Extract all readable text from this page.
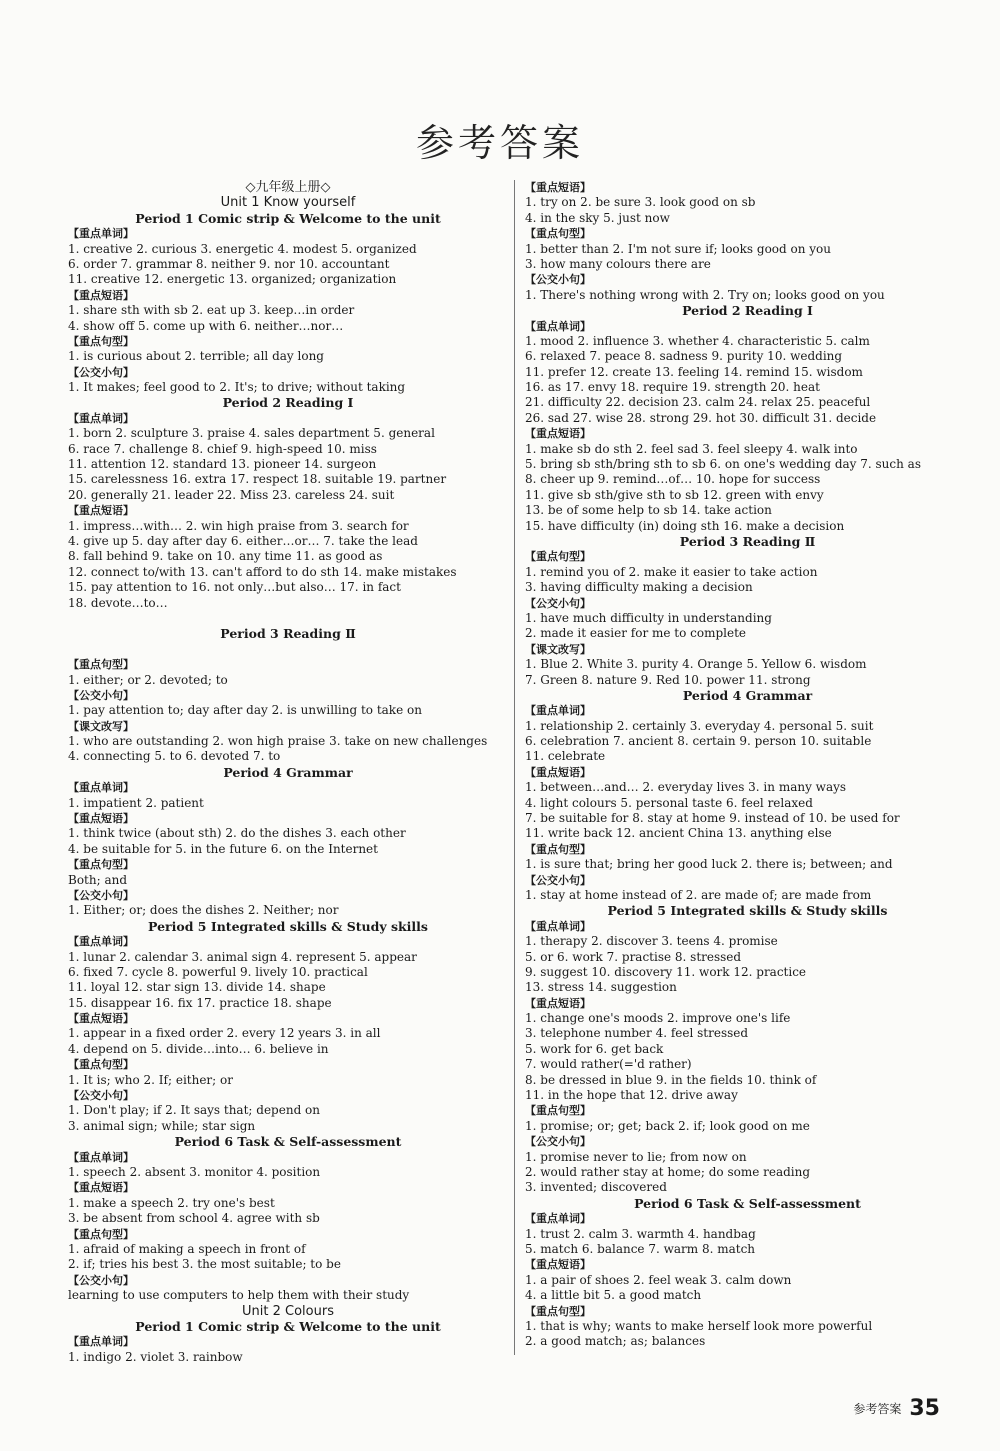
参考答案
◇九年级上册◇
Unit 1 Know yourself
Period 1 Comic strip & Welcome to the unit
【重点单词】
1. creative 2. curious 3. energetic 4. modest 5. organized
6. order 7. grammar 8. neither 9. nor 10. accountant
11. creative 12. energetic 13. organized; organization
【重点短语】
1. share sth with sb 2. eat up 3. keep…in order
4. show off 5. come up with 6. neither…nor…
【重点句型】
1. is curious about 2. terrible; all day long
【公交小句】
1. It makes; feel good to 2. It's; to drive; without taking
Period 2 Reading Ⅰ
【重点单词】
1. born 2. sculpture 3. praise 4. sales department 5. general
6. race 7. challenge 8. chief 9. high-speed 10. miss
11. attention 12. standard 13. pioneer 14. surgeon
15. carelessness 16. extra 17. respect 18. suitable 19. partner
20. generally 21. leader 22. Miss 23. careless 24. suit
【重点短语】
1. impress…with… 2. win high praise from 3. search for
4. give up 5. day after day 6. either…or… 7. take the lead
8. fall behind 9. take on 10. any time 11. as good as
12. connect to/with 13. can't afford to do sth 14. make mistakes
15. pay attention to 16. not only…but also… 17. in fact
18. devote…to…
Period 3 Reading Ⅱ
【重点句型】
1. either; or 2. devoted; to
【公交小句】
1. pay attention to; day after day 2. is unwilling to take on
【课文改写】
1. who are outstanding 2. won high praise 3. take on new challenges
4. connecting 5. to 6. devoted 7. to
Period 4 Grammar
【重点单词】
1. impatient 2. patient
【重点短语】
1. think twice (about sth) 2. do the dishes 3. each other
4. be suitable for 5. in the future 6. on the Internet
【重点句型】
Both; and
【公交小句】
1. Either; or; does the dishes 2. Neither; nor
Period 5 Integrated skills & Study skills
【重点单词】
1. lunar 2. calendar 3. animal sign 4. represent 5. appear
6. fixed 7. cycle 8. powerful 9. lively 10. practical
11. loyal 12. star sign 13. divide 14. shape
15. disappear 16. fix 17. practice 18. shape
【重点短语】
1. appear in a fixed order 2. every 12 years 3. in all
4. depend on 5. divide…into… 6. believe in
【重点句型】
1. It is; who 2. If; either; or
【公交小句】
1. Don't play; if 2. It says that; depend on
3. animal sign; while; star sign
Period 6 Task & Self-assessment
【重点单词】
1. speech 2. absent 3. monitor 4. position
【重点短语】
1. make a speech 2. try one's best
3. be absent from school 4. agree with sb
【重点句型】
1. afraid of making a speech in front of
2. if; tries his best 3. the most suitable; to be
【公交小句】
learning to use computers to help them with their study
Unit 2 Colours
Period 1 Comic strip & Welcome to the unit
【重点单词】
1. indigo 2. violet 3. rainbow
【重点短语】
1. try on 2. be sure 3. look good on sb
4. in the sky 5. just now
【重点句型】
1. better than 2. I'm not sure if; looks good on you
3. how many colours there are
【公交小句】
1. There's nothing wrong with 2. Try on; looks good on you
Period 2 Reading Ⅰ
【重点单词】
1. mood 2. influence 3. whether 4. characteristic 5. calm
6. relaxed 7. peace 8. sadness 9. purity 10. wedding
11. prefer 12. create 13. feeling 14. remind 15. wisdom
16. as 17. envy 18. require 19. strength 20. heat
21. difficulty 22. decision 23. calm 24. relax 25. peaceful
26. sad 27. wise 28. strong 29. hot 30. difficult 31. decide
【重点短语】
1. make sb do sth 2. feel sad 3. feel sleepy 4. walk into
5. bring sb sth/bring sth to sb 6. on one's wedding day 7. such as
8. cheer up 9. remind…of… 10. hope for success
11. give sb sth/give sth to sb 12. green with envy
13. be of some help to sb 14. take action
15. have difficulty (in) doing sth 16. make a decision
Period 3 Reading Ⅱ
【重点句型】
1. remind you of 2. make it easier to take action
3. having difficulty making a decision
【公交小句】
1. have much difficulty in understanding
2. made it easier for me to complete
【课文改写】
1. Blue 2. White 3. purity 4. Orange 5. Yellow 6. wisdom
7. Green 8. nature 9. Red 10. power 11. strong
Period 4 Grammar
【重点单词】
1. relationship 2. certainly 3. everyday 4. personal 5. suit
6. celebration 7. ancient 8. certain 9. person 10. suitable
11. celebrate
【重点短语】
1. between…and… 2. everyday lives 3. in many ways
4. light colours 5. personal taste 6. feel relaxed
7. be suitable for 8. stay at home 9. instead of 10. be used for
11. write back 12. ancient China 13. anything else
【重点句型】
1. is sure that; bring her good luck 2. there is; between; and
【公交小句】
1. stay at home instead of 2. are made of; are made from
Period 5 Integrated skills & Study skills
【重点单词】
1. therapy 2. discover 3. teens 4. promise
5. or 6. work 7. practise 8. stressed
9. suggest 10. discovery 11. work 12. practice
13. stress 14. suggestion
【重点短语】
1. change one's moods 2. improve one's life
3. telephone number 4. feel stressed
5. work for 6. get back
7. would rather(='d rather)
8. be dressed in blue 9. in the fields 10. think of
11. in the hope that 12. drive away
【重点句型】
1. promise; or; get; back 2. if; look good on me
【公交小句】
1. promise never to lie; from now on
2. would rather stay at home; do some reading
3. invented; discovered
Period 6 Task & Self-assessment
【重点单词】
1. trust 2. calm 3. warmth 4. handbag
5. match 6. balance 7. warm 8. match
【重点短语】
1. a pair of shoes 2. feel weak 3. calm down
4. a little bit 5. a good match
【重点句型】
1. that is why; wants to make herself look more powerful
2. a good match; as; balances
参考答案 35
